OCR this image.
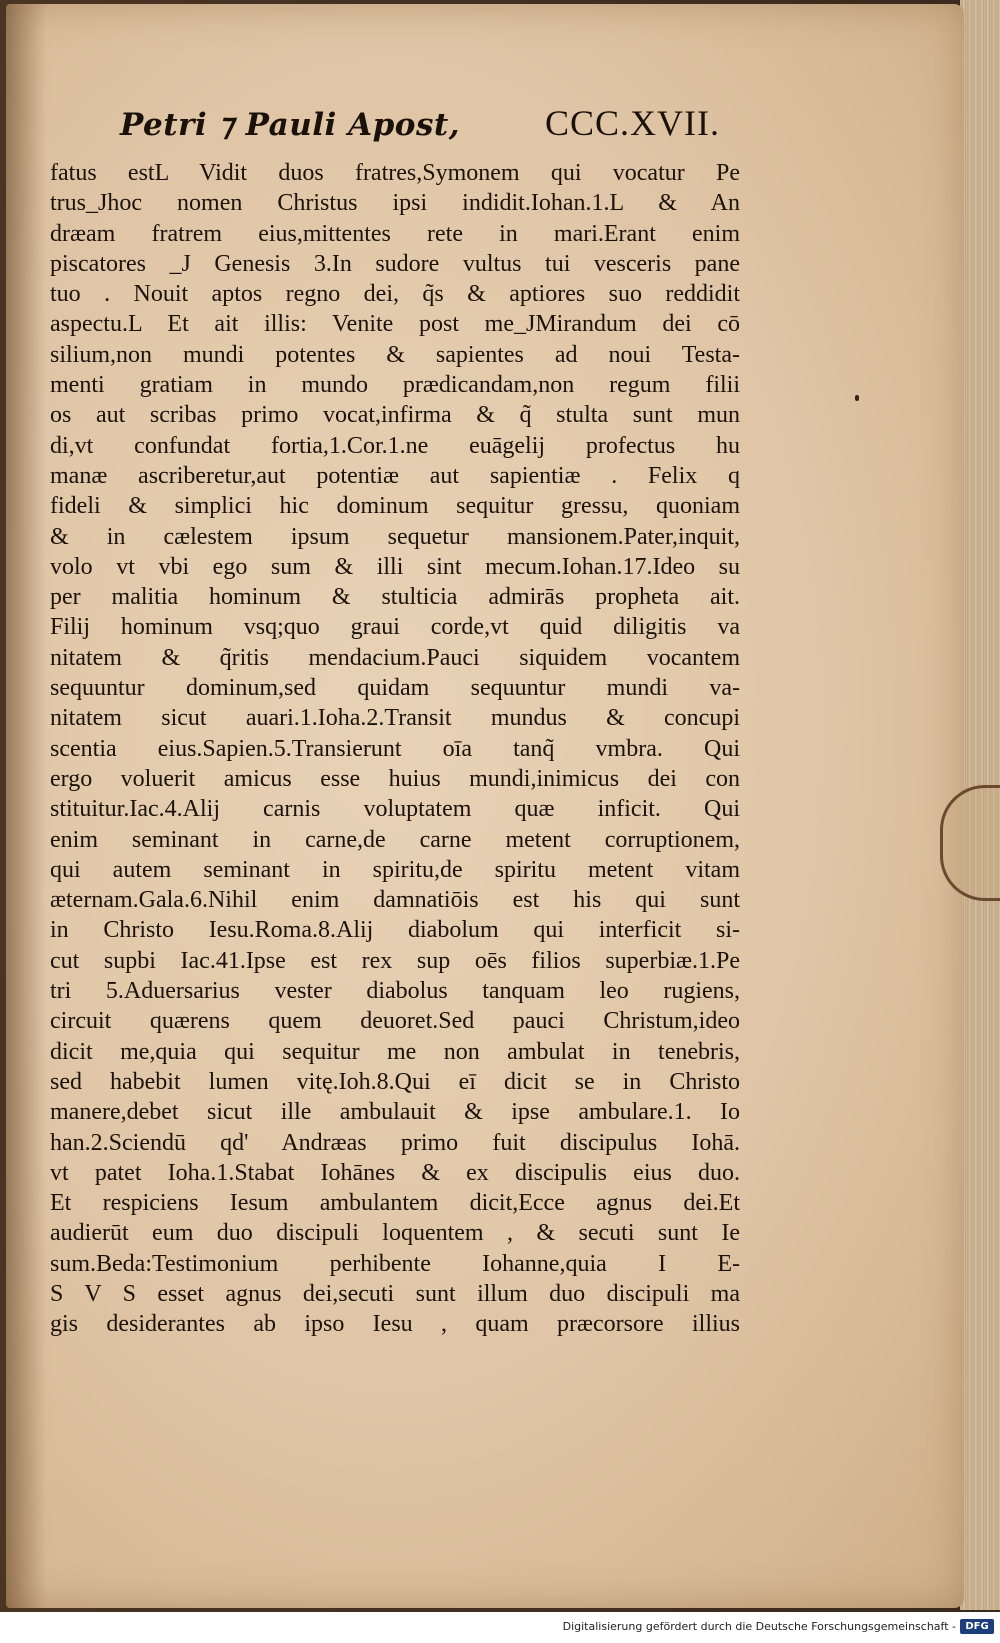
Petri ⁊ Pauli Apost, CCC.XVII.
fatus estL Vidit duos fratres,Symonem qui vocatur Pe
trus_Jhoc nomen Christus ipsi indidit.Iohan.1.L & An
dræam fratrem eius,mittentes rete in mari.Erant enim
piscatores _J Genesis 3.In sudore vultus tui vesceris pane
tuo . Nouit aptos regno dei, q̃s & aptiores suo reddidit
aspectu.L Et ait illis: Venite post me_JMirandum dei cō
silium,non mundi potentes & sapientes ad noui Testa-
menti gratiam in mundo prædicandam,non regum filii
os aut scribas primo vocat,infirma & q̃ stulta sunt mun
di,vt confundat fortia,1.Cor.1.ne euāgelij profectus hu
manæ ascriberetur,aut potentiæ aut sapientiæ . Felix q
fideli & simplici hic dominum sequitur gressu, quoniam
& in cælestem ipsum sequetur mansionem.Pater,inquit,
volo vt vbi ego sum & illi sint mecum.Iohan.17.Ideo su
per malitia hominum & stulticia admirās propheta ait.
Filij hominum vsq;quo graui corde,vt quid diligitis va
nitatem & q̃ritis mendacium.Pauci siquidem vocantem
sequuntur dominum,sed quidam sequuntur mundi va-
nitatem sicut auari.1.Ioha.2.Transit mundus & concupi
scentia eius.Sapien.5.Transierunt oīa tanq̃ vmbra. Qui
ergo voluerit amicus esse huius mundi,inimicus dei con
stituitur.Iac.4.Alij carnis voluptatem quæ inficit. Qui
enim seminant in carne,de carne metent corruptionem,
qui autem seminant in spiritu,de spiritu metent vitam
æternam.Gala.6.Nihil enim damnatiōis est his qui sunt
in Christo Iesu.Roma.8.Alij diabolum qui interficit si-
cut supbi Iac.41.Ipse est rex sup oēs filios superbiæ.1.Pe
tri 5.Aduersarius vester diabolus tanquam leo rugiens,
circuit quærens quem deuoret.Sed pauci Christum,ideo
dicit me,quia qui sequitur me non ambulat in tenebris,
sed habebit lumen vitę.Ioh.8.Qui eī dicit se in Christo
manere,debet sicut ille ambulauit & ipse ambulare.1. Io
han.2.Sciendū qd' Andræas primo fuit discipulus Iohā.
vt patet Ioha.1.Stabat Iohānes & ex discipulis eius duo.
Et respiciens Iesum ambulantem dicit,Ecce agnus dei.Et
audierūt eum duo discipuli loquentem , & secuti sunt Ie
sum.Beda:Testimonium perhibente Iohanne,quia I E-
S V S esset agnus dei,secuti sunt illum duo discipuli ma
gis desiderantes ab ipso Iesu , quam præcorsore illius
Digitalisierung gefördert durch die Deutsche Forschungsgemeinschaft - DFG
